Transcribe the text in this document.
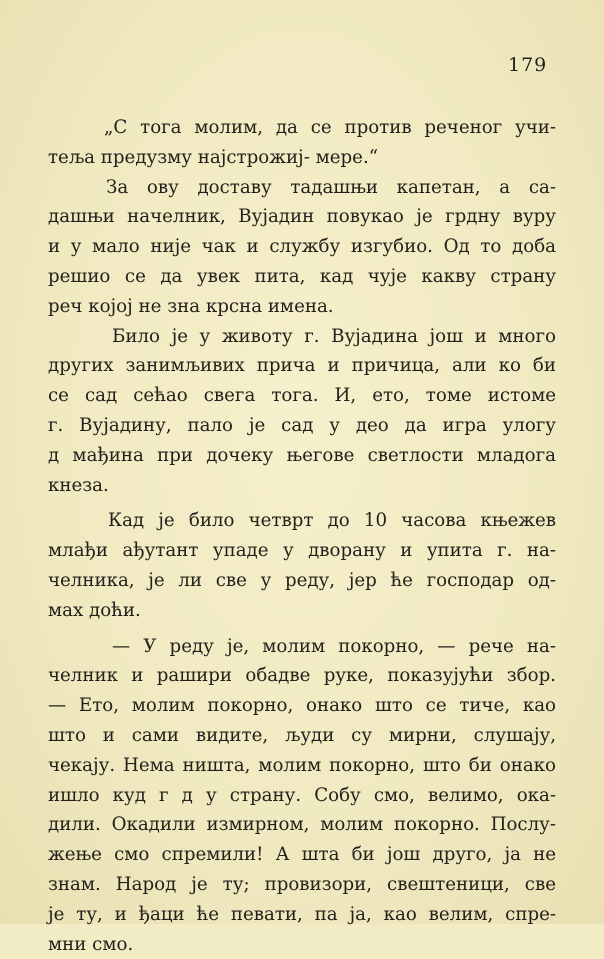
179
„С тога молим, да се против реченог учи-
теља предузму најстрожиј- мере.“
За ову доставу тадашњи капетан, а са-
дашњи начелник, Вујадин повукао је грдну вуру
и у мало није чак и службу изгубио. Од то доба
решио се да увек пита, кад чује какву страну
реч којој не зна крсна имена.
Било је у животу г. Вујадина још и много
других занимљивих прича и причица, али ко би
се сад сећао свега тога. И, ето, томе истоме
г. Вујадину, пало је сад у део да игра улогу
д мађина при дочеку његове светлости младога
кнеза.
Кад је било четврт до 10 часова књежев
млађи ађутант упаде у дворану и упита г. на-
челника, је ли све у реду, јер ће господар од-
мах доћи.
— У реду је, молим покорно, — рече на-
челник и рашири обадве руке, показујући збор.
— Ето, молим покорно, онако што се тиче, као
што и сами видите, људи су мирни, слушају,
чекају. Нема ништа, молим покорно, што би онако
ишло куд г д у страну. Собу смо, велимо, ока-
дили. Окадили измирном, молим покорно. Послу-
жење смо спремили! А шта би још друго, ја не
знам. Народ је ту; провизори, свештеници, све
је ту, и ђаци ће певати, па ја, као велим, спре-
мни смо.
